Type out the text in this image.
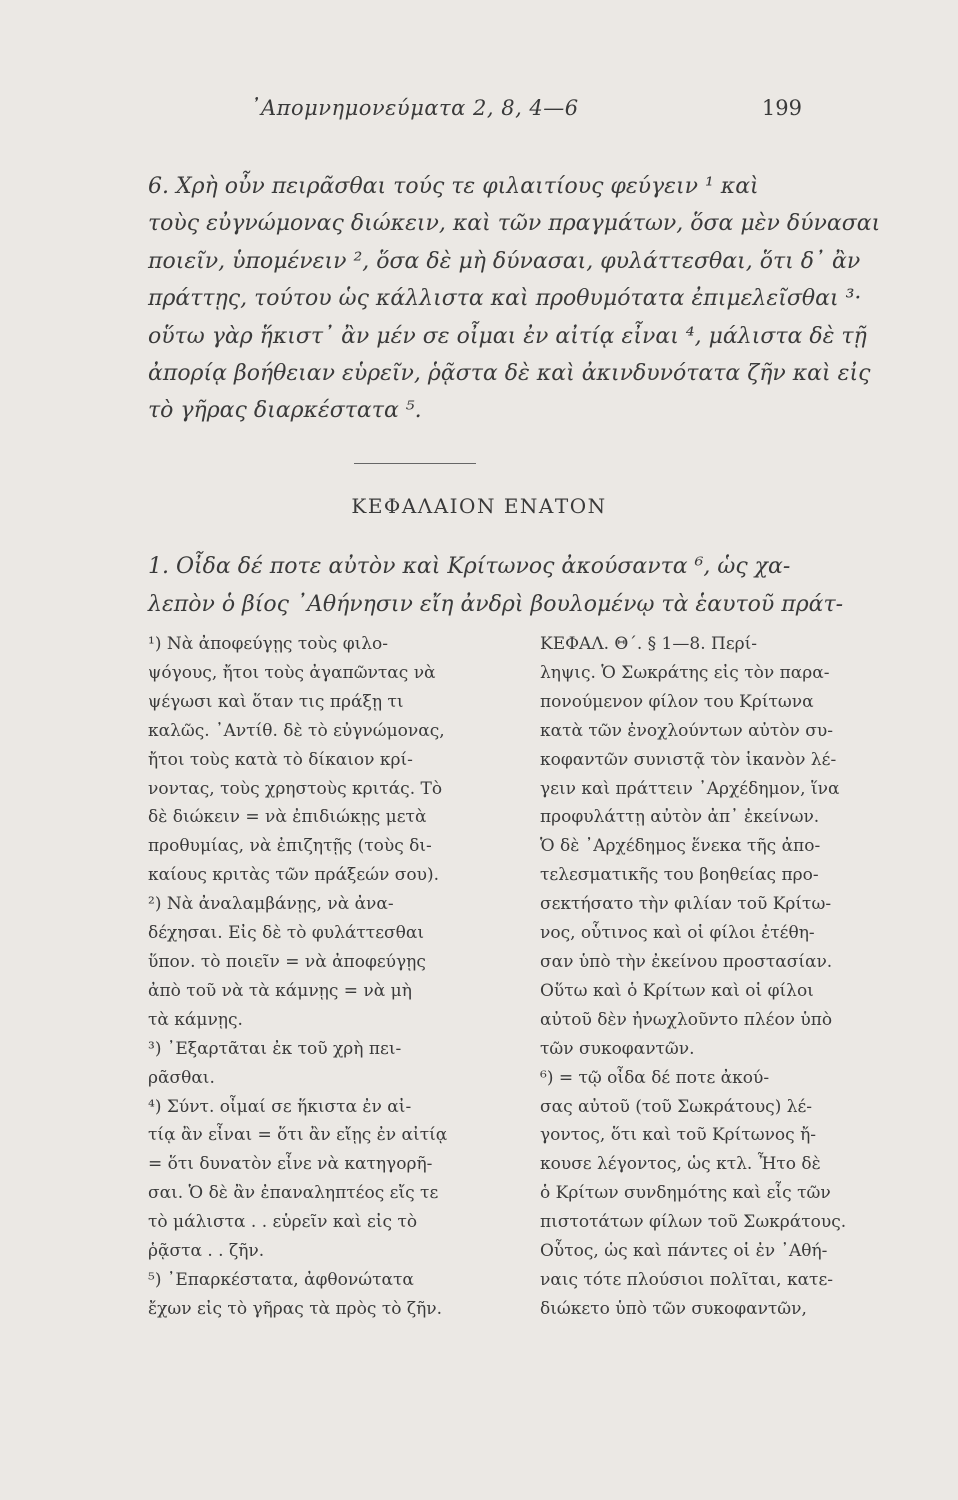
᾿Απομνημονεύματα 2, 8, 4—6	199
6. Χρὴ οὖν πειρᾶσθαι τούς τε φιλαιτίους φεύγειν ¹ καὶ
τοὺς εὐγνώμονας διώκειν, καὶ τῶν πραγμάτων, ὅσα μὲν δύνασαι
ποιεῖν, ὑπομένειν ², ὅσα δὲ μὴ δύνασαι, φυλάττεσθαι, ὅτι δ᾿ ἂν
πράττῃς, τούτου ὡς κάλλιστα καὶ προθυμότατα ἐπιμελεῖσθαι ³·
οὕτω γὰρ ἥκιστ᾿ ἂν μέν σε οἶμαι ἐν αἰτίᾳ εἶναι ⁴, μάλιστα δὲ τῇ
ἀπορίᾳ βοήθειαν εὑρεῖν, ῥᾷστα δὲ καὶ ἀκινδυνότατα ζῆν καὶ εἰς
τὸ γῆρας διαρκέστατα ⁵.
ΚΕΦΑΛΑΙΟΝ ΕΝΑΤΟΝ
1. Οἶδα δέ ποτε αὐτὸν καὶ Κρίτωνος ἀκούσαντα ⁶, ὡς χα-
λεπὸν ὁ βίος ᾿Αθήνησιν εἴη ἀνδρὶ βουλομένῳ τὰ ἑαυτοῦ πράτ-
¹) Νὰ ἀποφεύγῃς τοὺς φιλο-
ψόγους, ἤτοι τοὺς ἀγαπῶντας νὰ
ψέγωσι καὶ ὅταν τις πράξῃ τι
καλῶς. ᾿Αντίθ. δὲ τὸ εὐγνώμονας,
ἤτοι τοὺς κατὰ τὸ δίκαιον κρί-
νοντας, τοὺς χρηστοὺς κριτάς. Τὸ
δὲ διώκειν = νὰ ἐπιδιώκῃς μετὰ
προθυμίας, νὰ ἐπιζητῇς (τοὺς δι-
καίους κριτὰς τῶν πράξεών σου).
²) Νὰ ἀναλαμβάνῃς, νὰ ἀνα-
δέχησαι. Εἰς δὲ τὸ φυλάττεσθαι
ὕπον. τὸ ποιεῖν = νὰ ἀποφεύγῃς
ἀπὸ τοῦ νὰ τὰ κάμνῃς = νὰ μὴ
τὰ κάμνῃς.
³) ᾿Εξαρτᾶται ἐκ τοῦ χρὴ πει-
ρᾶσθαι.
⁴) Σύντ. οἶμαί σε ἥκιστα ἐν αἰ-
τίᾳ ἂν εἶναι = ὅτι ἂν εἴῃς ἐν αἰτίᾳ
= ὅτι δυνατὸν εἶνε νὰ κατηγορῆ-
σαι. Ὁ δὲ ἂν ἐπαναληπτέος εἴς τε
τὸ μάλιστα . . εὑρεῖν καὶ εἰς τὸ
ῥᾷστα . . ζῆν.
⁵) ᾿Επαρκέστατα, ἀφθονώτατα
ἔχων εἰς τὸ γῆρας τὰ πρὸς τὸ ζῆν.
ΚΕΦΑΛ. Θ΄. § 1—8. Περί-
ληψις. Ὁ Σωκράτης εἰς τὸν παρα-
πονούμενον φίλον του Κρίτωνα
κατὰ τῶν ἐνοχλούντων αὐτὸν συ-
κοφαντῶν συνιστᾷ τὸν ἱκανὸν λέ-
γειν καὶ πράττειν ᾿Αρχέδημον, ἵνα
προφυλάττῃ αὐτὸν ἀπ᾿ ἐκείνων.
Ὁ δὲ ᾿Αρχέδημος ἕνεκα τῆς ἀπο-
τελεσματικῆς του βοηθείας προ-
σεκτήσατο τὴν φιλίαν τοῦ Κρίτω-
νος, οὗτινος καὶ οἱ φίλοι ἐτέθη-
σαν ὑπὸ τὴν ἐκείνου προστασίαν.
Οὕτω καὶ ὁ Κρίτων καὶ οἱ φίλοι
αὐτοῦ δὲν ἠνωχλοῦντο πλέον ὑπὸ
τῶν συκοφαντῶν.
⁶) = τῷ οἶδα δέ ποτε ἀκού-
σας αὐτοῦ (τοῦ Σωκράτους) λέ-
γοντος, ὅτι καὶ τοῦ Κρίτωνος ἤ-
κουσε λέγοντος, ὡς κτλ. Ἦτο δὲ
ὁ Κρίτων συνδημότης καὶ εἷς τῶν
πιστοτάτων φίλων τοῦ Σωκράτους.
Οὗτος, ὡς καὶ πάντες οἱ ἐν ᾿Αθή-
ναις τότε πλούσιοι πολῖται, κατε-
διώκετο ὑπὸ τῶν συκοφαντῶν,
